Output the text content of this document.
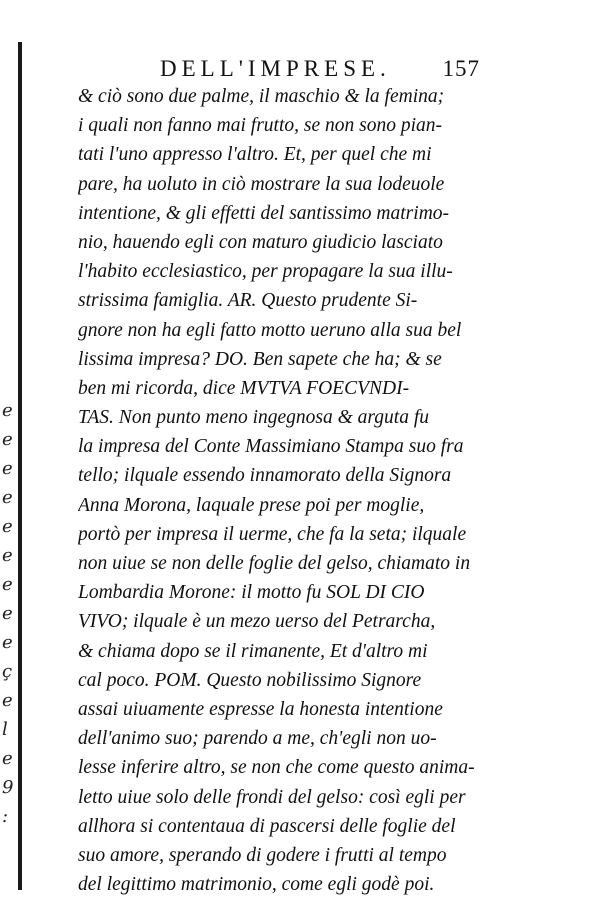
e
e
e
e
e
e
e
e
e
ç
e
l
e
9
:
DELL'IMPRESE. 157
& ciò sono due palme, il maschio & la femina;
i quali non fanno mai frutto, se non sono pian-
tati l'uno appresso l'altro. Et, per quel che mi
pare, ha uoluto in ciò mostrare la sua lodeuole
intentione, & gli effetti del santissimo matrimo-
nio, hauendo egli con maturo giudicio lasciato
l'habito ecclesiastico, per propagare la sua illu-
strissima famiglia. AR. Questo prudente Si-
gnore non ha egli fatto motto ueruno alla sua bel
lissima impresa? DO. Ben sapete che ha; & se
ben mi ricorda, dice MVTVA FOECVNDI-
TAS. Non punto meno ingegnosa & arguta fu
la impresa del Conte Massimiano Stampa suo fra
tello; ilquale essendo innamorato della Signora
Anna Morona, laquale prese poi per moglie,
portò per impresa il uerme, che fa la seta; ilquale
non uiue se non delle foglie del gelso, chiamato in
Lombardia Morone: il motto fu SOL DI CIO
VIVO; ilquale è un mezo uerso del Petrarcha,
& chiama dopo se il rimanente, Et d'altro mi
cal poco. POM. Questo nobilissimo Signore
assai uiuamente espresse la honesta intentione
dell'animo suo; parendo a me, ch'egli non uo-
lesse inferire altro, se non che come questo anima-
letto uiue solo delle frondi del gelso: così egli per
allhora si contentaua di pascersi delle foglie del
suo amore, sperando di godere i frutti al tempo
del legittimo matrimonio, come egli godè poi.
